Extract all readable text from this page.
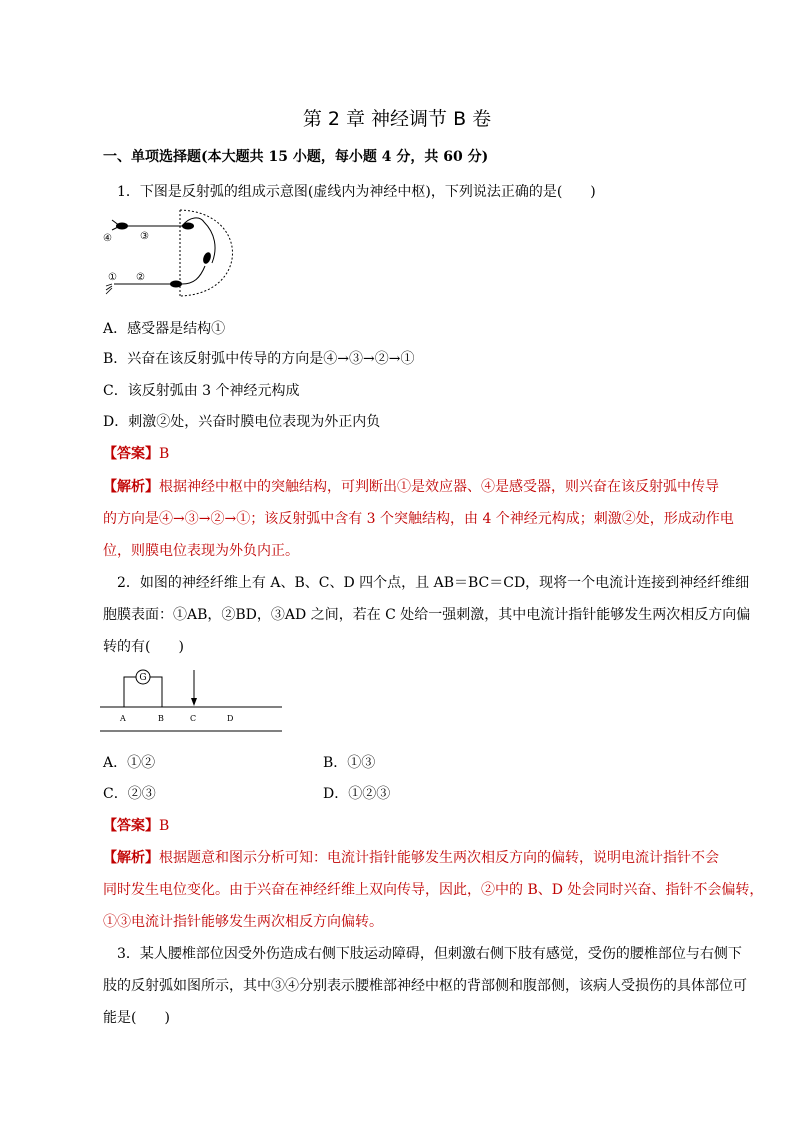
第 2 章 神经调节 B 卷
一、单项选择题(本大题共 15 小题，每小题 4 分，共 60 分)
1．下图是反射弧的组成示意图(虚线内为神经中枢)，下列说法正确的是(　　)
④	③
① ②
A．感受器是结构①
B．兴奋在该反射弧中传导的方向是④→③→②→①
C．该反射弧由 3 个神经元构成
D．刺激②处，兴奋时膜电位表现为外正内负
【答案】B
【解析】根据神经中枢中的突触结构，可判断出①是效应器、④是感受器，则兴奋在该反射弧中传导
的方向是④→③→②→①；该反射弧中含有 3 个突触结构，由 4 个神经元构成；刺激②处，形成动作电
位，则膜电位表现为外负内正。
2．如图的神经纤维上有 A、B、C、D 四个点，且 AB＝BC＝CD，现将一个电流计连接到神经纤维细
胞膜表面：①AB，②BD，③AD 之间，若在 C 处给一强刺激，其中电流计指针能够发生两次相反方向偏
转的有(　　)
G
A	B	C	D
A．①②	B．①③
C．②③	D．①②③
【答案】B
【解析】根据题意和图示分析可知：电流计指针能够发生两次相反方向的偏转，说明电流计指针不会
同时发生电位变化。由于兴奋在神经纤维上双向传导，因此，②中的 B、D 处会同时兴奋、指针不会偏转，
①③电流计指针能够发生两次相反方向偏转。
3．某人腰椎部位因受外伤造成右侧下肢运动障碍，但刺激右侧下肢有感觉，受伤的腰椎部位与右侧下
肢的反射弧如图所示，其中③④分别表示腰椎部神经中枢的背部侧和腹部侧，该病人受损伤的具体部位可
能是(　　)
